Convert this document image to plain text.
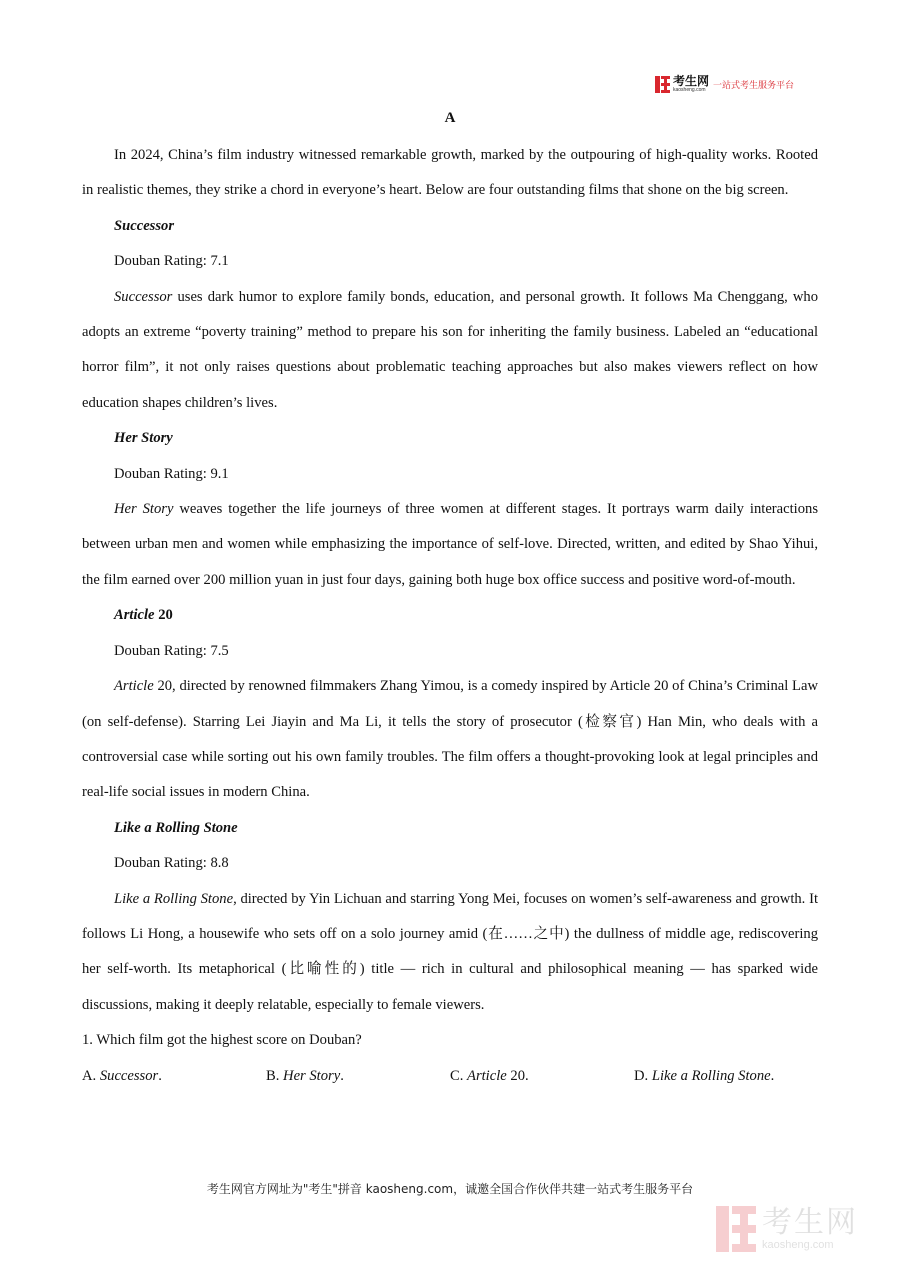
考生网
kaosheng.com 一站式考生服务平台
A

In 2024, China’s film industry witnessed remarkable growth, marked by the outpouring of high-quality works. Rooted in realistic themes, they strike a chord in everyone’s heart. Below are four outstanding films that shone on the big screen.

Successor

Douban Rating: 7.1

Successor uses dark humor to explore family bonds, education, and personal growth. It follows Ma Chenggang, who adopts an extreme “poverty training” method to prepare his son for inheriting the family business. Labeled an “educational horror film”, it not only raises questions about problematic teaching approaches but also makes viewers reflect on how education shapes children’s lives.

Her Story

Douban Rating: 9.1

Her Story weaves together the life journeys of three women at different stages. It portrays warm daily interactions between urban men and women while emphasizing the importance of self-love. Directed, written, and edited by Shao Yihui, the film earned over 200 million yuan in just four days, gaining both huge box office success and positive word-of-mouth.

Article 20

Douban Rating: 7.5

Article 20, directed by renowned filmmakers Zhang Yimou, is a comedy inspired by Article 20 of China’s Criminal Law (on self-defense). Starring Lei Jiayin and Ma Li, it tells the story of prosecutor (检察官) Han Min, who deals with a controversial case while sorting out his own family troubles. The film offers a thought-provoking look at legal principles and real-life social issues in modern China.

Like a Rolling Stone

Douban Rating: 8.8

Like a Rolling Stone, directed by Yin Lichuan and starring Yong Mei, focuses on women’s self-awareness and growth. It follows Li Hong, a housewife who sets off on a solo journey amid (在……之中) the dullness of middle age, rediscovering her self-worth. Its metaphorical (比喻性的) title — rich in cultural and philosophical meaning — has sparked wide discussions, making it deeply relatable, especially to female viewers.

1. Which film got the highest score on Douban?

A. Successor.	B. Her Story.	C. Article 20.	D. Like a Rolling Stone.
考生网官方网址为"考生"拼音 kaosheng.com，诚邀全国合作伙伴共建一站式考生服务平台
考生网
kaosheng.com
